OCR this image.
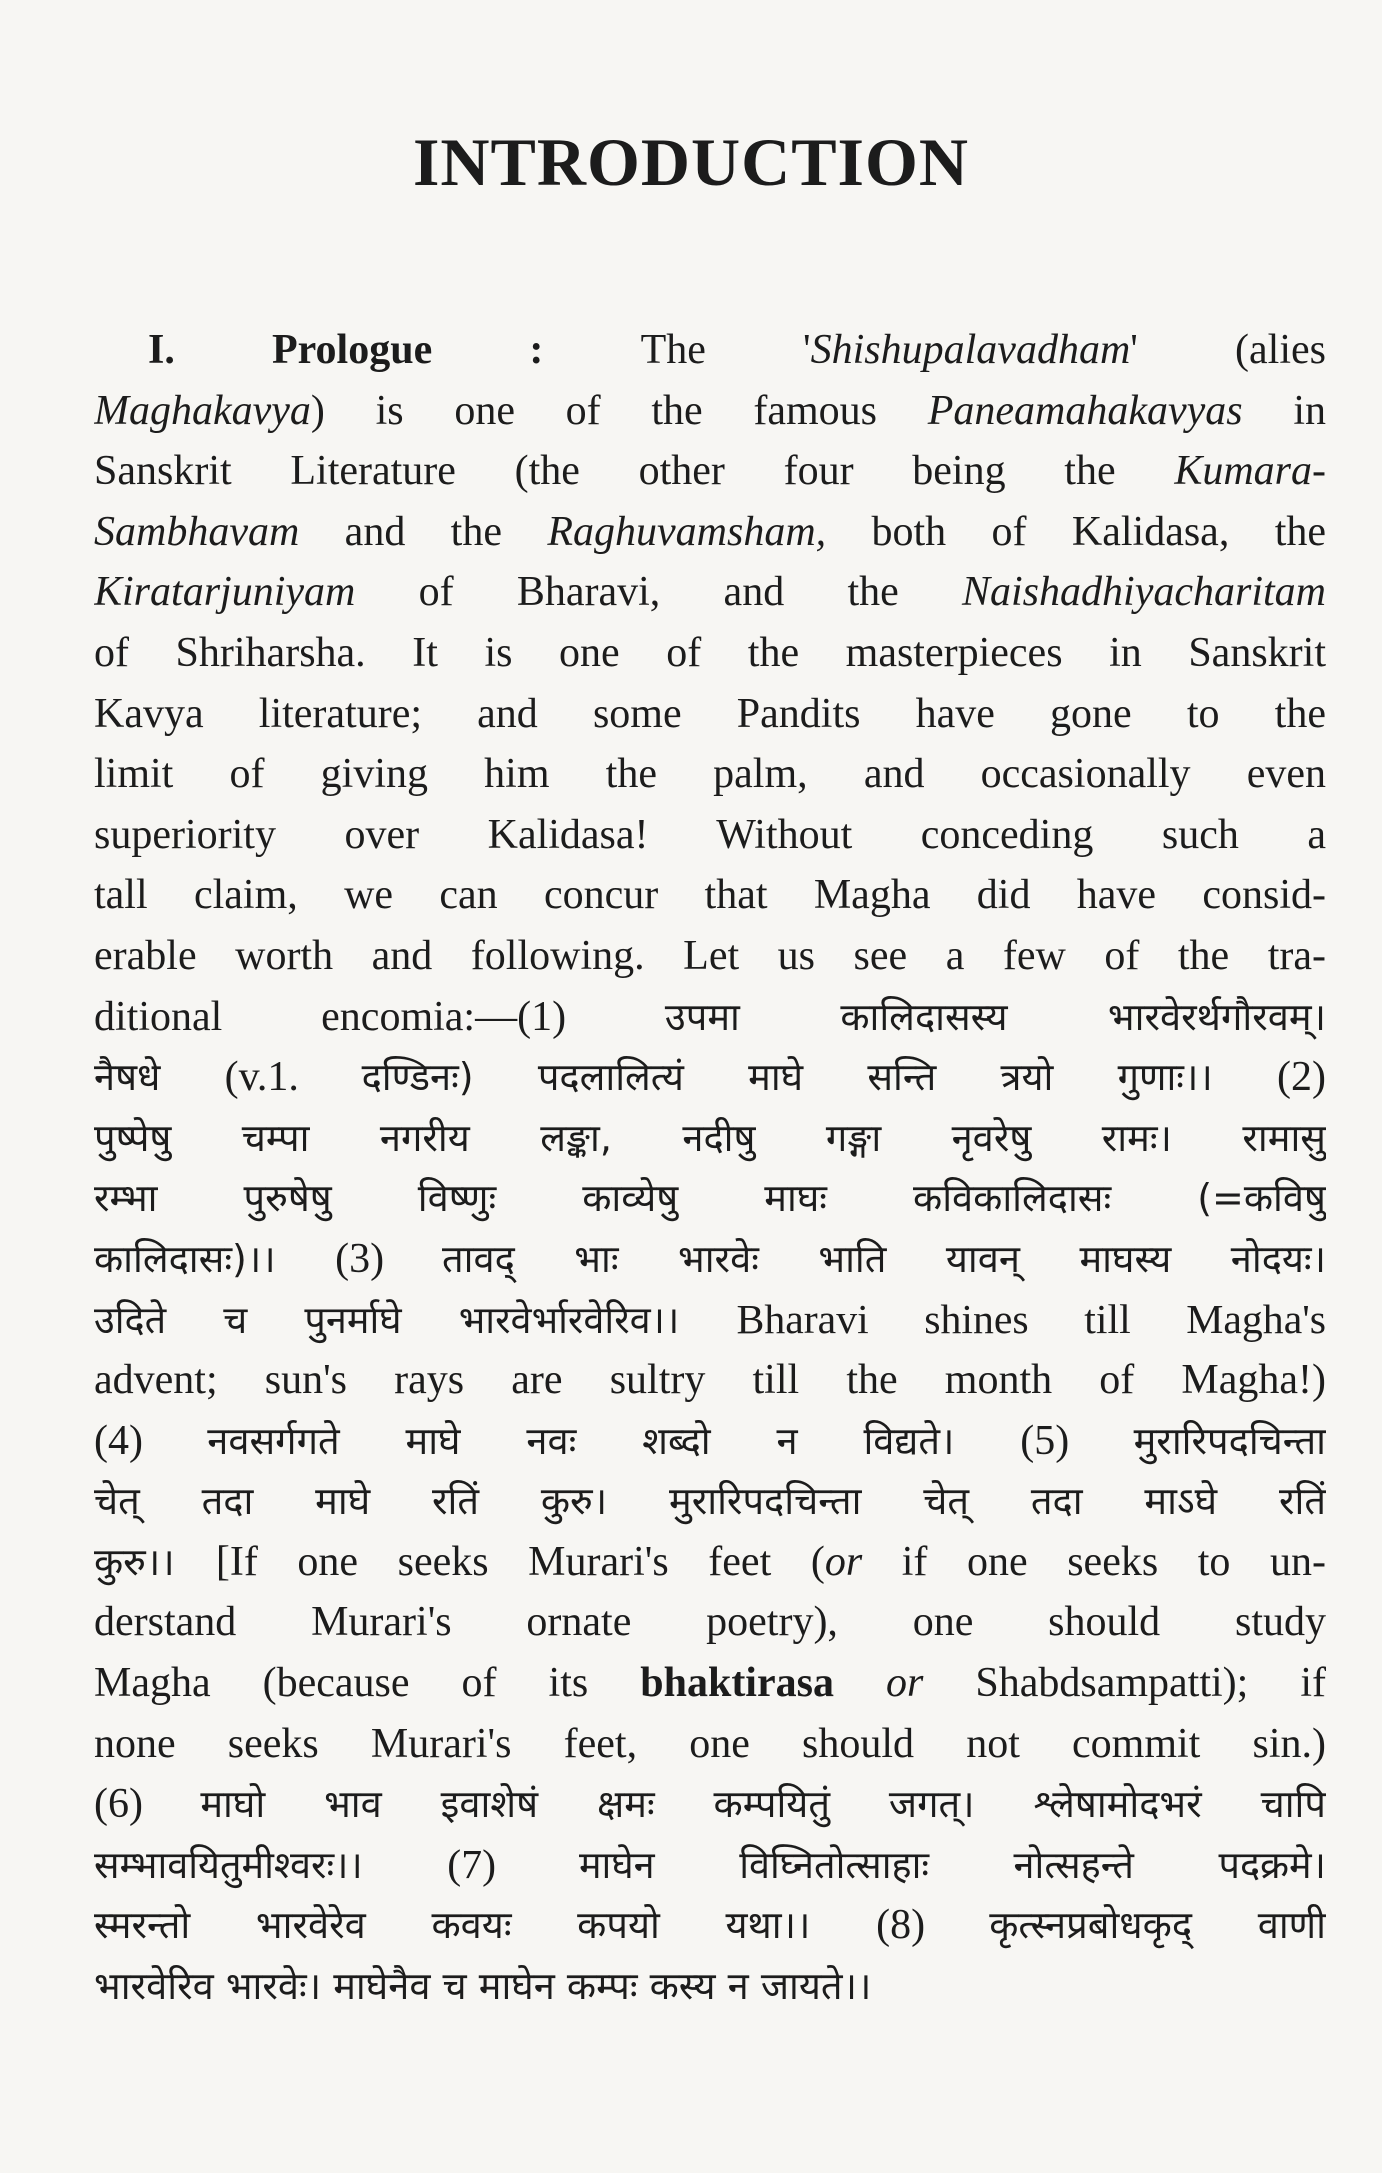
INTRODUCTION
I. Prologue : The 'Shishupalavadham' (alies
Maghakavya) is one of the famous Paneamahakavyas in
Sanskrit Literature (the other four being the Kumara-
Sambhavam and the Raghuvamsham, both of Kalidasa, the
Kiratarjuniyam of Bharavi, and the Naishadhiyacharitam
of Shriharsha. It is one of the masterpieces in Sanskrit
Kavya literature; and some Pandits have gone to the
limit of giving him the palm, and occasionally even
superiority over Kalidasa! Without conceding such a
tall claim, we can concur that Magha did have consid-
erable worth and following. Let us see a few of the tra-
ditional encomia:—(1) उपमा कालिदासस्य भारवेरर्थगौरवम्।
नैषधे (v.1. दण्डिनः) पदलालित्यं माघे सन्ति त्रयो गुणाः।। (2)
पुष्पेषु चम्पा नगरीय लङ्का, नदीषु गङ्गा नृवरेषु रामः। रामासु
रम्भा पुरुषेषु विष्णुः काव्येषु माघः कविकालिदासः (=कविषु
कालिदासः)।। (3) तावद् भाः भारवेः भाति यावन् माघस्य नोदयः।
उदिते च पुनर्माघे भारवेर्भारवेरिव।। Bharavi shines till Magha's
advent; sun's rays are sultry till the month of Magha!)
(4) नवसर्गगते माघे नवः शब्दो न विद्यते। (5) मुरारिपदचिन्ता
चेत् तदा माघे रतिं कुरु। मुरारिपदचिन्ता चेत् तदा माऽघे रतिं
कुरु।। [If one seeks Murari's feet (or if one seeks to un-
derstand Murari's ornate poetry), one should study
Magha (because of its bhaktirasa or Shabdsampatti); if
none seeks Murari's feet, one should not commit sin.)
(6) माघो भाव इवाशेषं क्षमः कम्पयितुं जगत्। श्लेषामोदभरं चापि
सम्भावयितुमीश्वरः।। (7) माघेन विघ्नितोत्साहाः नोत्सहन्ते पदक्रमे।
स्मरन्तो भारवेरेव कवयः कपयो यथा।। (8) कृत्स्नप्रबोधकृद् वाणी
भारवेरिव भारवेः। माघेनैव च माघेन कम्पः कस्य न जायते।।
